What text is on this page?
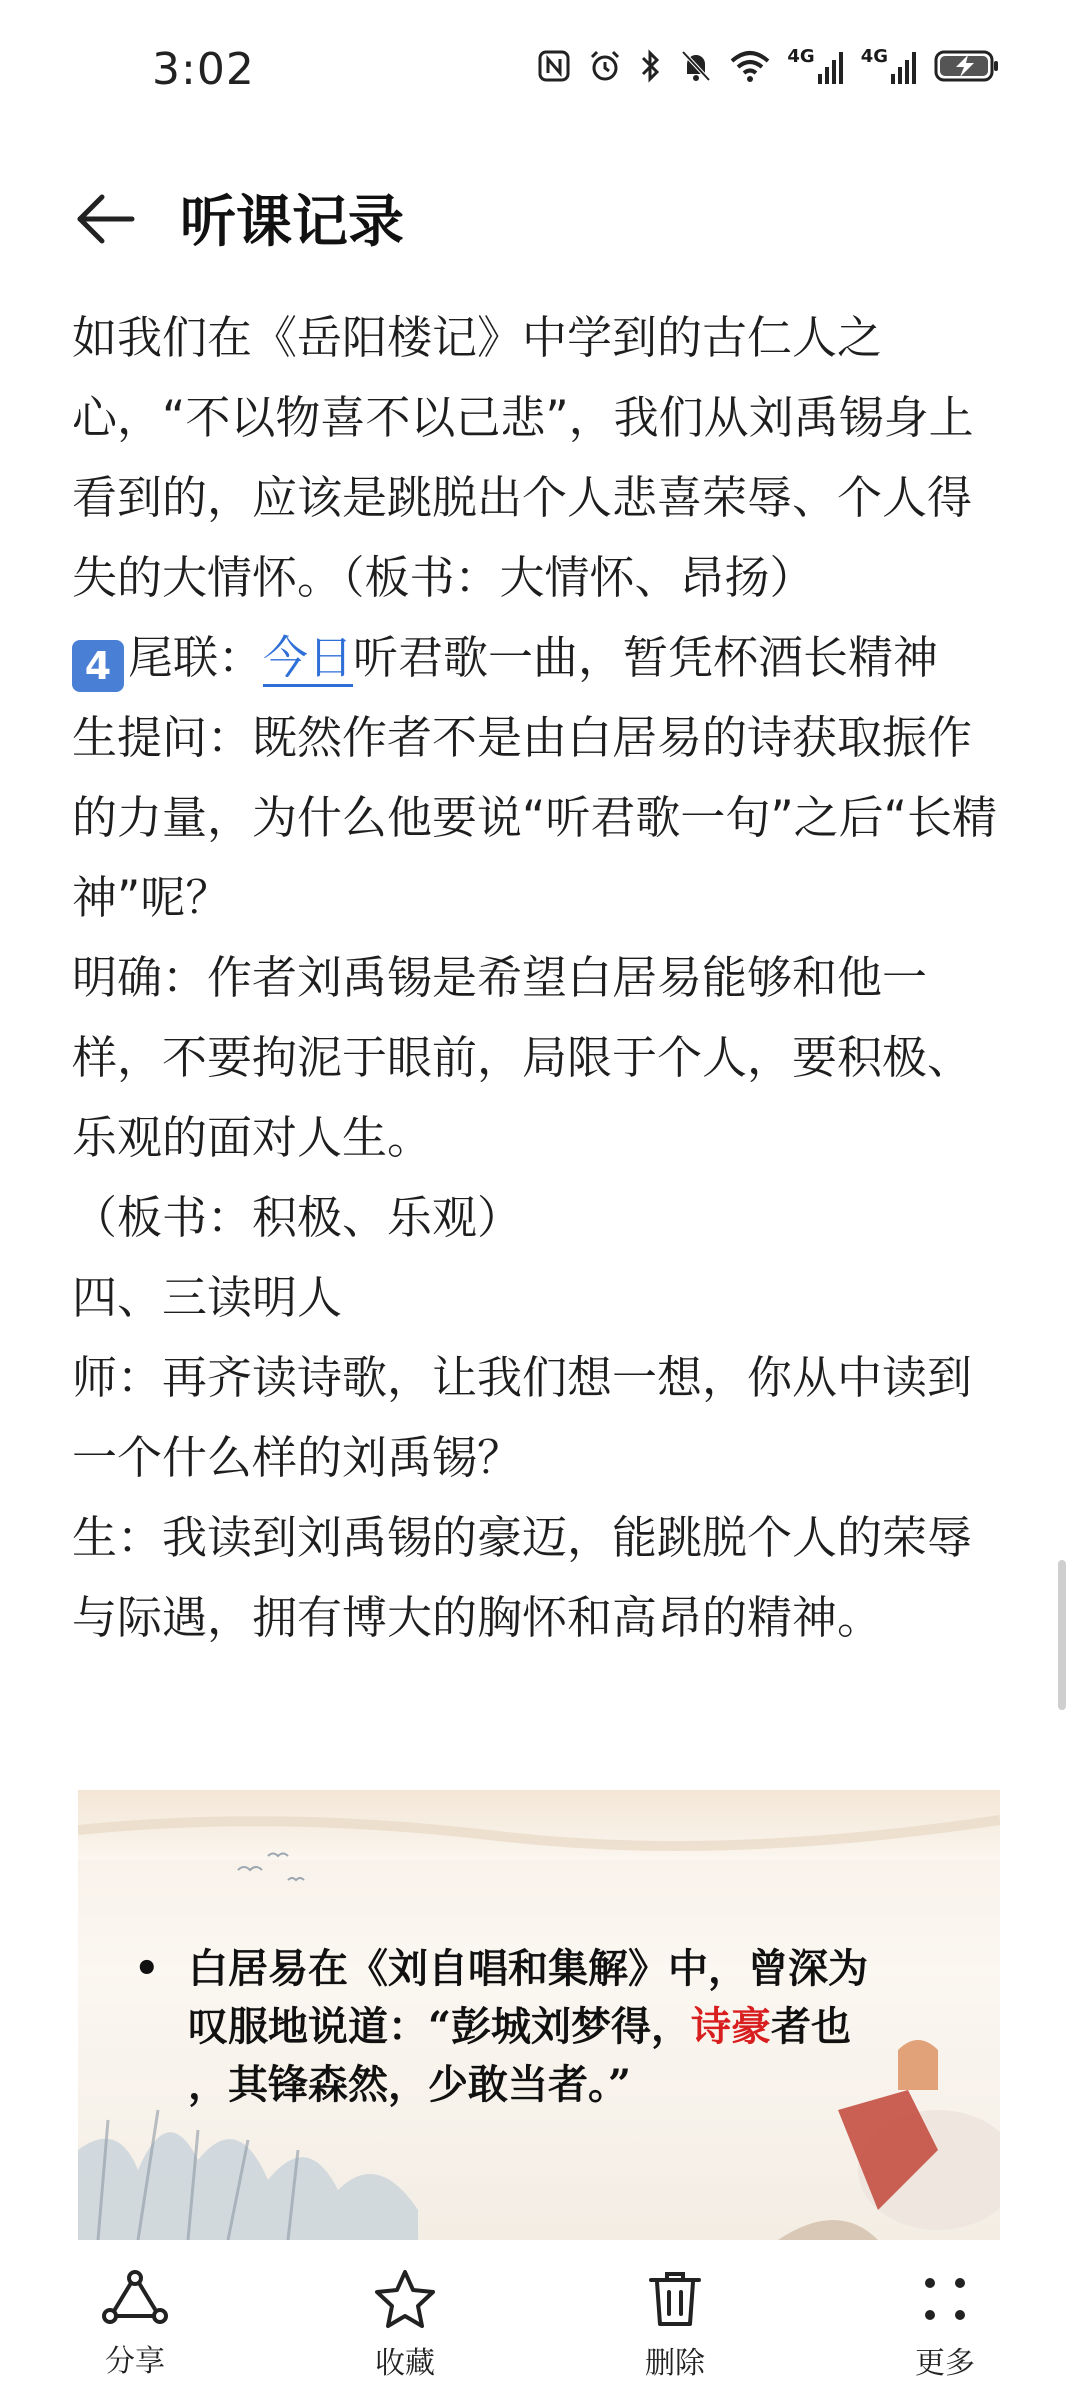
3:02	4G	4G
听课记录

如我们在《岳阳楼记》中学到的古仁人之心，“不以物喜不以己悲”，我们从刘禹锡身上看到的，应该是跳脱出个人悲喜荣辱、个人得失的大情怀。（板书：大情怀、昂扬）

4 尾联：今日听君歌一曲，暂凭杯酒长精神

生提问：既然作者不是由白居易的诗获取振作的力量，为什么他要说“听君歌一句”之后“长精神”呢？

明确：作者刘禹锡是希望白居易能够和他一样，不要拘泥于眼前，局限于个人，要积极、乐观的面对人生。

（板书：积极、乐观）

四、三读明人

师：再齐读诗歌，让我们想一想，你从中读到一个什么样的刘禹锡？

生：我读到刘禹锡的豪迈，能跳脱个人的荣辱与际遇，拥有博大的胸怀和高昂的精神。

• 白居易在《刘自唱和集解》中，曾深为
叹服地说道：“彭城刘梦得，诗豪者也
，其锋森然，少敢当者。”
分享	收藏	删除	更多
